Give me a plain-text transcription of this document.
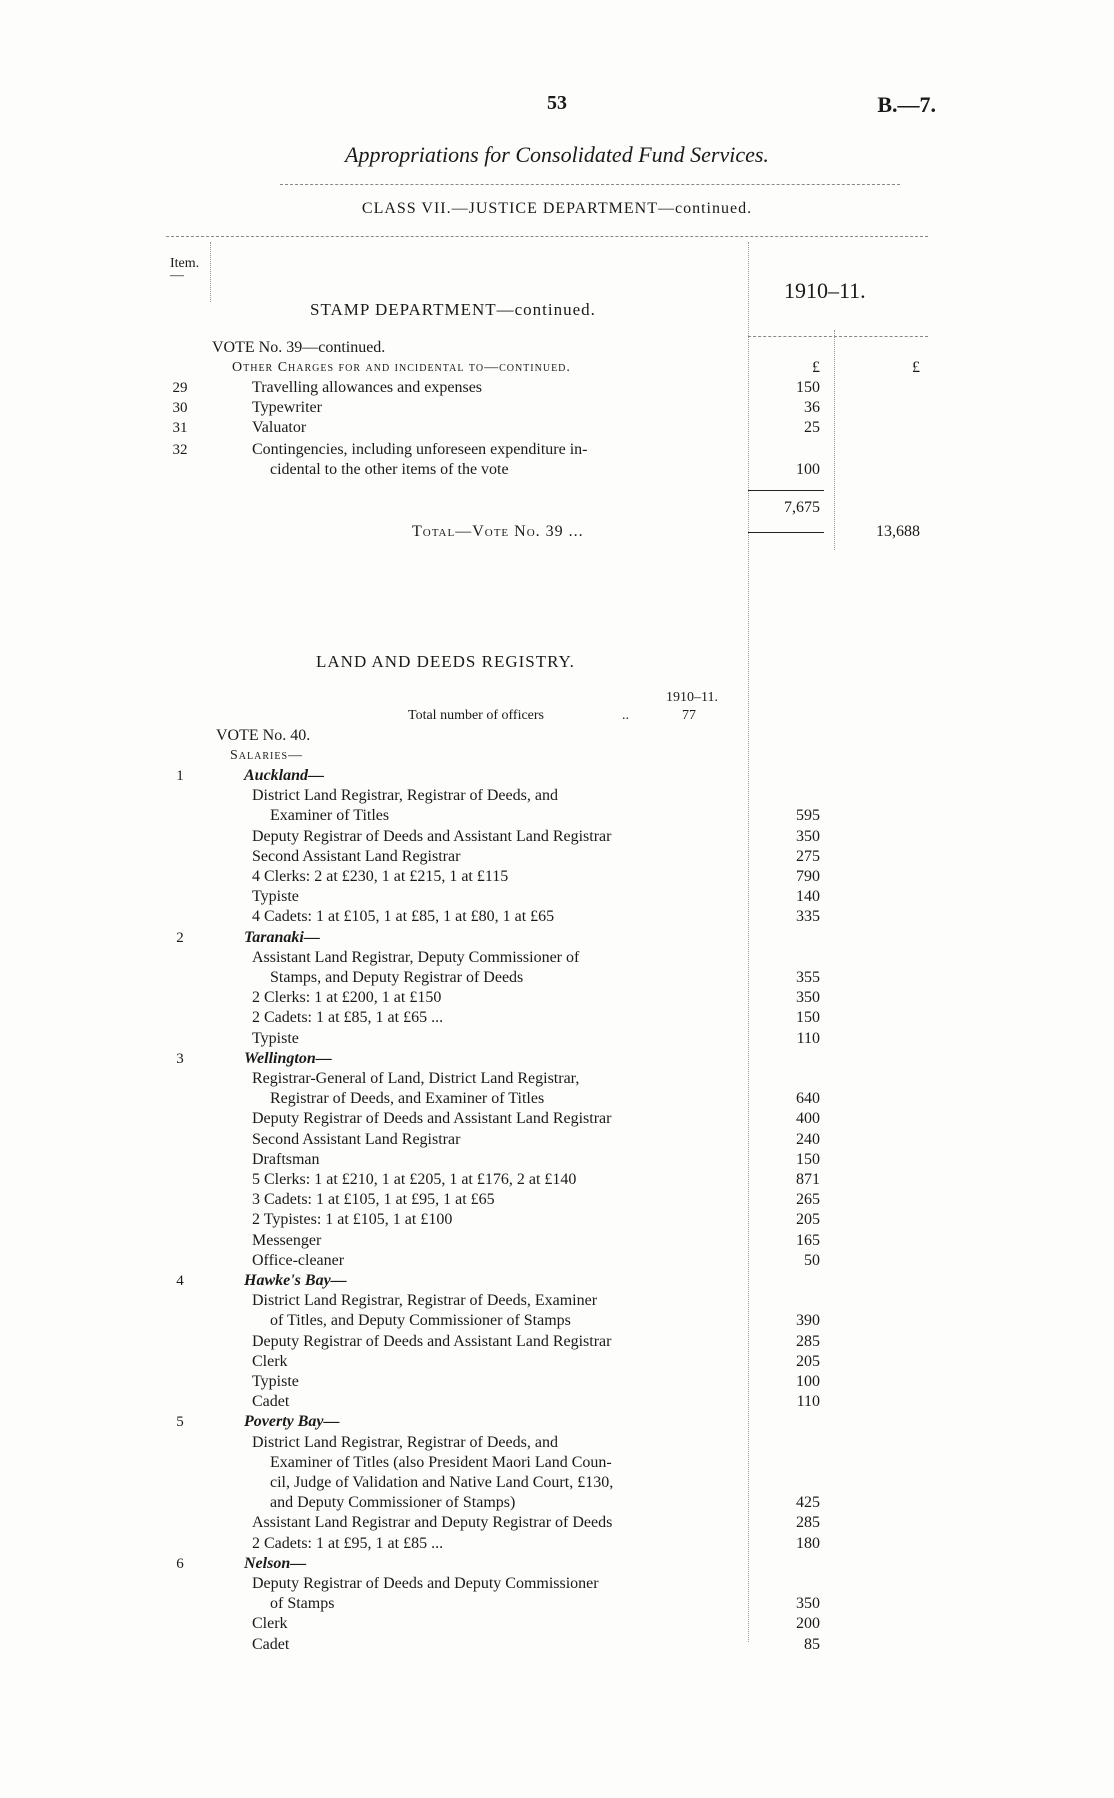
53	B.—7.
Appropriations for Consolidated Fund Services.
CLASS VII.—JUSTICE DEPARTMENT—continued.
Item.
—
STAMP DEPARTMENT—continued.
1910–11.
VOTE No. 39—continued.
Other Charges for and incidental to—continued.	£	£
29	Travelling allowances and expenses	150
30	Typewriter	36
31	Valuator	25
32	Contingencies, including unforeseen expenditure in-
cidental to the other items of the vote	100
7,675
Total—Vote No. 39 ...	13,688
LAND AND DEEDS REGISTRY.
1910–11.
Total number of officers	..	77
VOTE No. 40.
Salaries—
1	Auckland—
District Land Registrar, Registrar of Deeds, and
Examiner of Titles	595
Deputy Registrar of Deeds and Assistant Land Registrar	350
Second Assistant Land Registrar	275
4 Clerks: 2 at £230, 1 at £215, 1 at £115	790
Typiste	140
4 Cadets: 1 at £105, 1 at £85, 1 at £80, 1 at £65	335
2	Taranaki—
Assistant Land Registrar, Deputy Commissioner of
Stamps, and Deputy Registrar of Deeds	355
2 Clerks: 1 at £200, 1 at £150	350
2 Cadets: 1 at £85, 1 at £65 ...	150
Typiste	110
3	Wellington—
Registrar-General of Land, District Land Registrar,
Registrar of Deeds, and Examiner of Titles	640
Deputy Registrar of Deeds and Assistant Land Registrar	400
Second Assistant Land Registrar	240
Draftsman	150
5 Clerks: 1 at £210, 1 at £205, 1 at £176, 2 at £140	871
3 Cadets: 1 at £105, 1 at £95, 1 at £65	265
2 Typistes: 1 at £105, 1 at £100	205
Messenger	165
Office-cleaner	50
4	Hawke's Bay—
District Land Registrar, Registrar of Deeds, Examiner
of Titles, and Deputy Commissioner of Stamps	390
Deputy Registrar of Deeds and Assistant Land Registrar	285
Clerk	205
Typiste	100
Cadet	110
5	Poverty Bay—
District Land Registrar, Registrar of Deeds, and
Examiner of Titles (also President Maori Land Coun-
cil, Judge of Validation and Native Land Court, £130,
and Deputy Commissioner of Stamps)	425
Assistant Land Registrar and Deputy Registrar of Deeds	285
2 Cadets: 1 at £95, 1 at £85 ...	180
6	Nelson—
Deputy Registrar of Deeds and Deputy Commissioner
of Stamps	350
Clerk	200
Cadet	85
